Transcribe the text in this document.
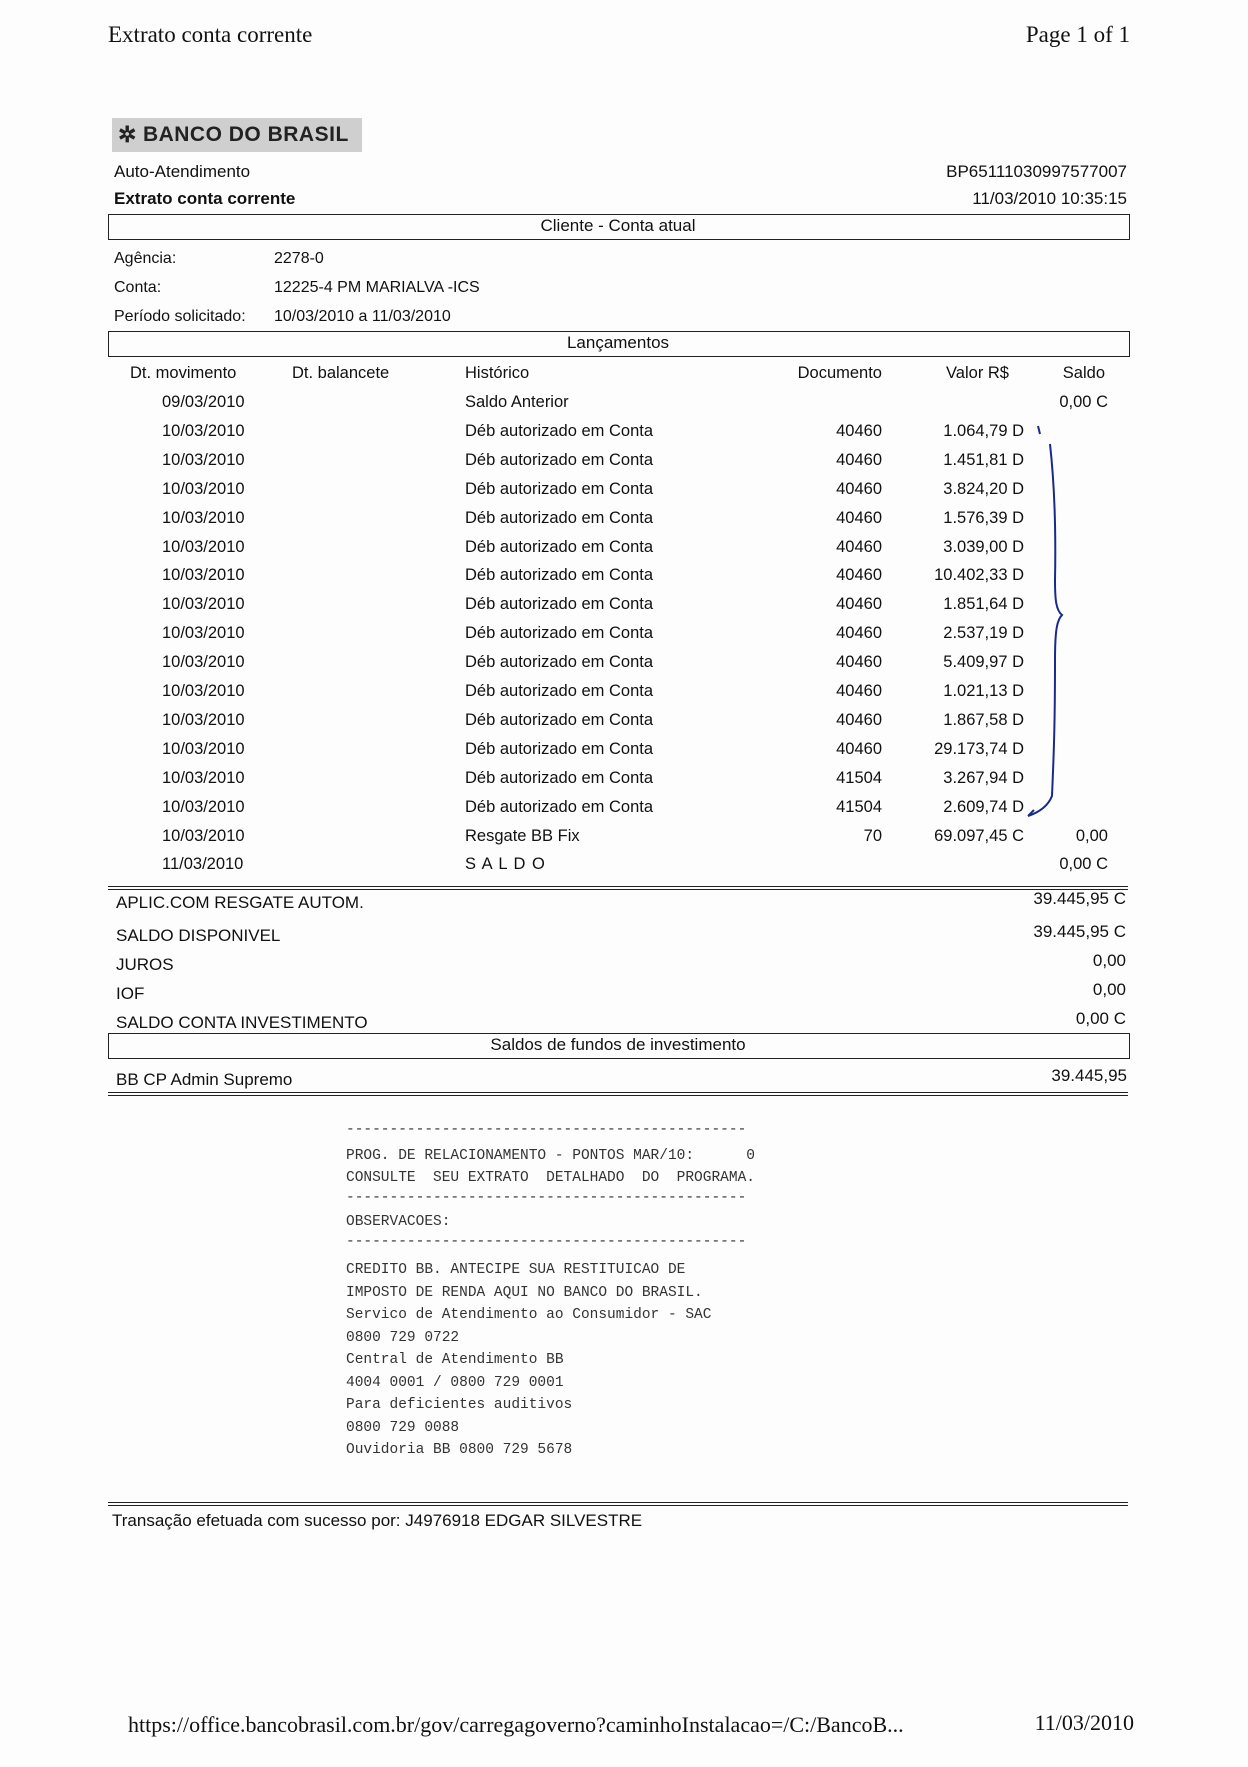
Extrato conta corrente	Page 1 of 1
✲ BANCO DO BRASIL
Auto-Atendimento
Extrato conta corrente
BP65111030997577007
11/03/2010 10:35:15
Cliente - Conta atual
Agência:	2278-0
Conta:	12225-4 PM MARIALVA -ICS
Período solicitado: 10/03/2010 a 11/03/2010
Lançamentos
Dt. movimento	Dt. balancete	Histórico	Documento	Valor R$	Saldo
09/03/2010	Saldo Anterior	0,00 C
10/03/2010	Déb autorizado em Conta	40460	1.064,79 D
10/03/2010	Déb autorizado em Conta	40460	1.451,81 D
10/03/2010	Déb autorizado em Conta	40460	3.824,20 D
10/03/2010	Déb autorizado em Conta	40460	1.576,39 D
10/03/2010	Déb autorizado em Conta	40460	3.039,00 D
10/03/2010	Déb autorizado em Conta	40460	10.402,33 D
10/03/2010	Déb autorizado em Conta	40460	1.851,64 D
10/03/2010	Déb autorizado em Conta	40460	2.537,19 D
10/03/2010	Déb autorizado em Conta	40460	5.409,97 D
10/03/2010	Déb autorizado em Conta	40460	1.021,13 D
10/03/2010	Déb autorizado em Conta	40460	1.867,58 D
10/03/2010	Déb autorizado em Conta	40460	29.173,74 D
10/03/2010	Déb autorizado em Conta	41504	3.267,94 D
10/03/2010	Déb autorizado em Conta	41504	2.609,74 D
10/03/2010	Resgate BB Fix	70	69.097,45 C	0,00
11/03/2010	S A L D O	0,00 C
APLIC.COM RESGATE AUTOM.	39.445,95 C
SALDO DISPONIVEL	39.445,95 C
JUROS	0,00
IOF	0,00
SALDO CONTA INVESTIMENTO	0,00 C
Saldos de fundos de investimento
BB CP Admin Supremo	39.445,95
----------------------------------------------
PROG. DE RELACIONAMENTO - PONTOS MAR/10:      0
CONSULTE  SEU EXTRATO  DETALHADO  DO  PROGRAMA.
----------------------------------------------
OBSERVACOES:
----------------------------------------------
CREDITO BB. ANTECIPE SUA RESTITUICAO DE
IMPOSTO DE RENDA AQUI NO BANCO DO BRASIL.
Servico de Atendimento ao Consumidor - SAC
0800 729 0722
Central de Atendimento BB
4004 0001 / 0800 729 0001
Para deficientes auditivos
0800 729 0088
Ouvidoria BB 0800 729 5678
Transação efetuada com sucesso por: J4976918 EDGAR SILVESTRE
https://office.bancobrasil.com.br/gov/carregagoverno?caminhoInstalacao=/C:/BancoB...	11/03/2010
